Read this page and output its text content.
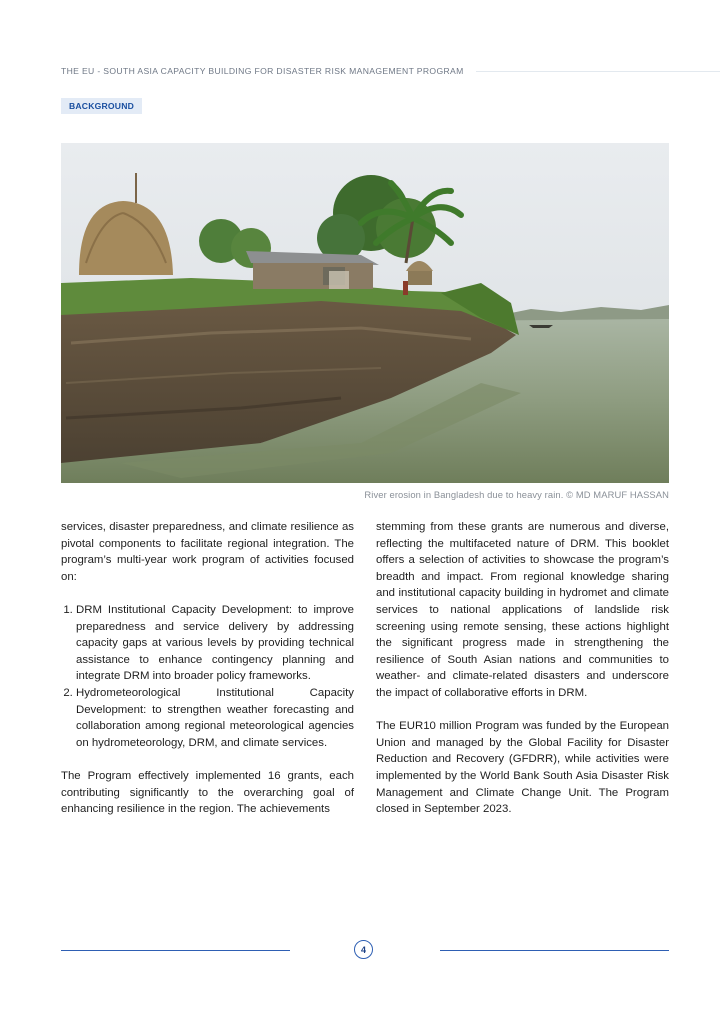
THE EU - SOUTH ASIA CAPACITY BUILDING FOR DISASTER RISK MANAGEMENT PROGRAM
BACKGROUND
River erosion in Bangladesh due to heavy rain. © MD MARUF HASSAN

services, disaster preparedness, and climate resilience as pivotal components to facilitate regional integration. The program’s multi-year work program of activities focused on:

1. DRM Institutional Capacity Development: to improve preparedness and service delivery by addressing capacity gaps at various levels by providing technical assistance to enhance contingency planning and integrate DRM into broader policy frameworks.
2. Hydrometeorological Institutional Capacity Development: to strengthen weather forecasting and collaboration among regional meteorological agencies on hydrometeorology, DRM, and climate services.

The Program effectively implemented 16 grants, each contributing significantly to the overarching goal of enhancing resilience in the region. The achievements

stemming from these grants are numerous and diverse, reflecting the multifaceted nature of DRM. This booklet offers a selection of activities to showcase the program’s breadth and impact. From regional knowledge sharing and institutional capacity building in hydromet and climate services to national applications of landslide risk screening using remote sensing, these actions highlight the significant progress made in strengthening the resilience of South Asian nations and communities to weather- and climate-related disasters and underscore the impact of collaborative efforts in DRM.

The EUR10 million Program was funded by the European Union and managed by the Global Facility for Disaster Reduction and Recovery (GFDRR), while activities were implemented by the World Bank South Asia Disaster Risk Management and Climate Change Unit. The Program closed in September 2023.

4
